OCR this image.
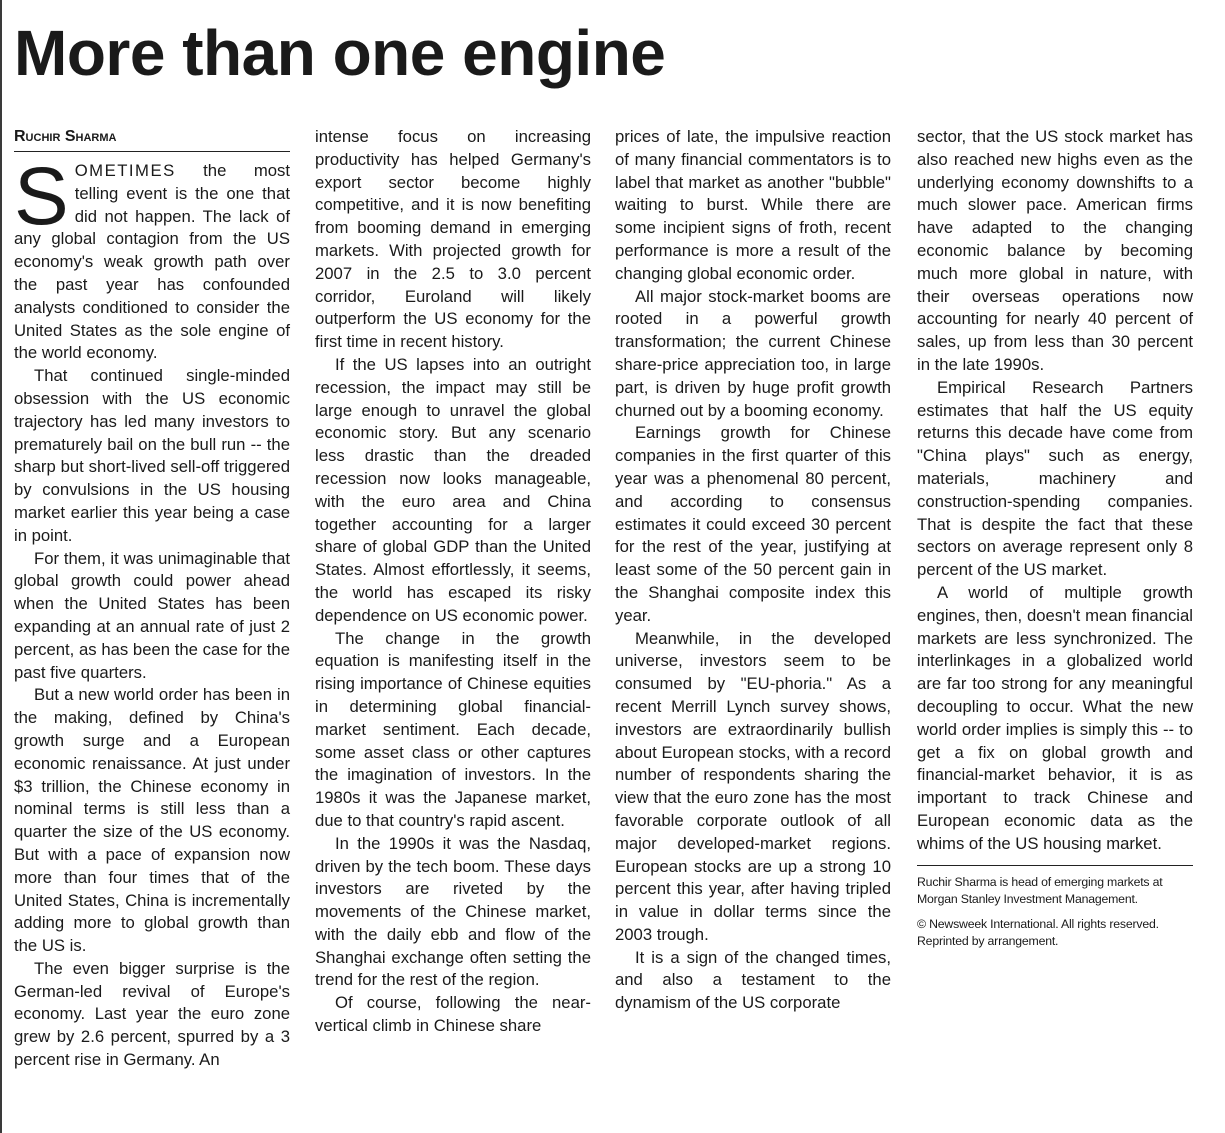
More than one engine
Ruchir Sharma

SOMETIMES the most telling event is the one that did not happen. The lack of any global contagion from the US economy's weak growth path over the past year has confounded analysts conditioned to consider the United States as the sole engine of the world economy.

That continued single-minded obsession with the US economic trajectory has led many investors to prematurely bail on the bull run -- the sharp but short-lived sell-off triggered by convulsions in the US housing market earlier this year being a case in point.

For them, it was unimaginable that global growth could power ahead when the United States has been expanding at an annual rate of just 2 percent, as has been the case for the past five quarters.

But a new world order has been in the making, defined by China's growth surge and a European economic renaissance. At just under $3 trillion, the Chinese economy in nominal terms is still less than a quarter the size of the US economy. But with a pace of expansion now more than four times that of the United States, China is incrementally adding more to global growth than the US is.

The even bigger surprise is the German-led revival of Europe's economy. Last year the euro zone grew by 2.6 percent, spurred by a 3 percent rise in Germany. An

intense focus on increasing productivity has helped Germany's export sector become highly competitive, and it is now benefiting from booming demand in emerging markets. With projected growth for 2007 in the 2.5 to 3.0 percent corridor, Euroland will likely outperform the US economy for the first time in recent history.

If the US lapses into an outright recession, the impact may still be large enough to unravel the global economic story. But any scenario less drastic than the dreaded recession now looks manageable, with the euro area and China together accounting for a larger share of global GDP than the United States. Almost effortlessly, it seems, the world has escaped its risky dependence on US economic power.

The change in the growth equation is manifesting itself in the rising importance of Chinese equities in determining global financial-market sentiment. Each decade, some asset class or other captures the imagination of investors. In the 1980s it was the Japanese market, due to that country's rapid ascent.

In the 1990s it was the Nasdaq, driven by the tech boom. These days investors are riveted by the movements of the Chinese market, with the daily ebb and flow of the Shanghai exchange often setting the trend for the rest of the region.

Of course, following the near-vertical climb in Chinese share

prices of late, the impulsive reaction of many financial commentators is to label that market as another "bubble" waiting to burst. While there are some incipient signs of froth, recent performance is more a result of the changing global economic order.

All major stock-market booms are rooted in a powerful growth transformation; the current Chinese share-price appreciation too, in large part, is driven by huge profit growth churned out by a booming economy.

Earnings growth for Chinese companies in the first quarter of this year was a phenomenal 80 percent, and according to consensus estimates it could exceed 30 percent for the rest of the year, justifying at least some of the 50 percent gain in the Shanghai composite index this year.

Meanwhile, in the developed universe, investors seem to be consumed by "EU-phoria." As a recent Merrill Lynch survey shows, investors are extraordinarily bullish about European stocks, with a record number of respondents sharing the view that the euro zone has the most favorable corporate outlook of all major developed-market regions. European stocks are up a strong 10 percent this year, after having tripled in value in dollar terms since the 2003 trough.

It is a sign of the changed times, and also a testament to the dynamism of the US corporate

sector, that the US stock market has also reached new highs even as the underlying economy downshifts to a much slower pace. American firms have adapted to the changing economic balance by becoming much more global in nature, with their overseas operations now accounting for nearly 40 percent of sales, up from less than 30 percent in the late 1990s.

Empirical Research Partners estimates that half the US equity returns this decade have come from "China plays" such as energy, materials, machinery and construction-spending companies. That is despite the fact that these sectors on average represent only 8 percent of the US market.

A world of multiple growth engines, then, doesn't mean financial markets are less synchronized. The interlinkages in a globalized world are far too strong for any meaningful decoupling to occur. What the new world order implies is simply this -- to get a fix on global growth and financial-market behavior, it is as important to track Chinese and European economic data as the whims of the US housing market.

Ruchir Sharma is head of emerging markets at Morgan Stanley Investment Management.
© Newsweek International. All rights reserved. Reprinted by arrangement.
